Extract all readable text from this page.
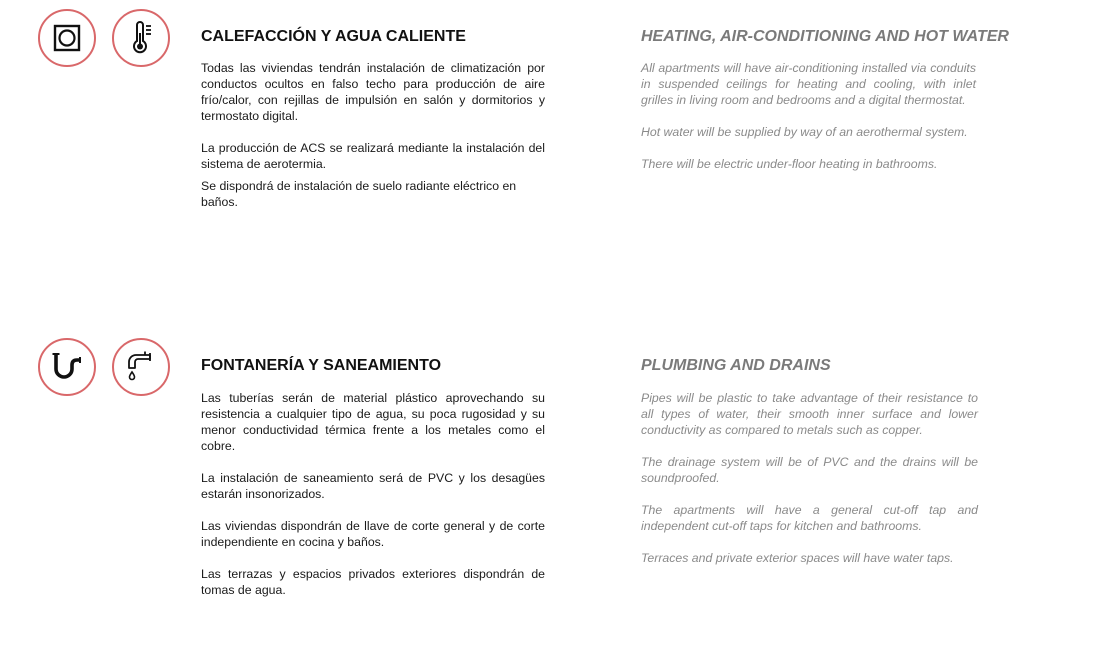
CALEFACCIÓN Y AGUA CALIENTE	HEATING, AIR-CONDITIONING AND HOT WATER

Todas las viviendas tendrán instalación de climatización por conductos ocultos en falso techo para producción de aire frío/calor, con rejillas de impulsión en salón y dormitorios y termostato digital.

La producción de ACS se realizará mediante la instalación del sistema de aerotermia.

Se dispondrá de instalación de suelo radiante eléctrico en baños.

All apartments will have air-conditioning installed via conduits in suspended ceilings for heating and cooling, with inlet grilles in living room and bedrooms and a digital thermostat.

Hot water will be supplied by way of an aerothermal system.

There will be electric under-floor heating in bathrooms.

FONTANERÍA Y SANEAMIENTO	PLUMBING AND DRAINS

Las tuberías serán de material plástico aprovechando su resistencia a cualquier tipo de agua, su poca rugosidad y su menor conductividad térmica frente a los metales como el cobre.

La instalación de saneamiento será de PVC y los desagües estarán insonorizados.

Las viviendas dispondrán de llave de corte general y de corte independiente en cocina y baños.

Las terrazas y espacios privados exteriores dispondrán de tomas de agua.

Pipes will be plastic to take advantage of their resistance to all types of water, their smooth inner surface and lower conductivity as compared to metals such as copper.

The drainage system will be of PVC and the drains will be soundproofed.

The apartments will have a general cut-off tap and independent cut-off taps for kitchen and bathrooms.

Terraces and private exterior spaces will have water taps.
